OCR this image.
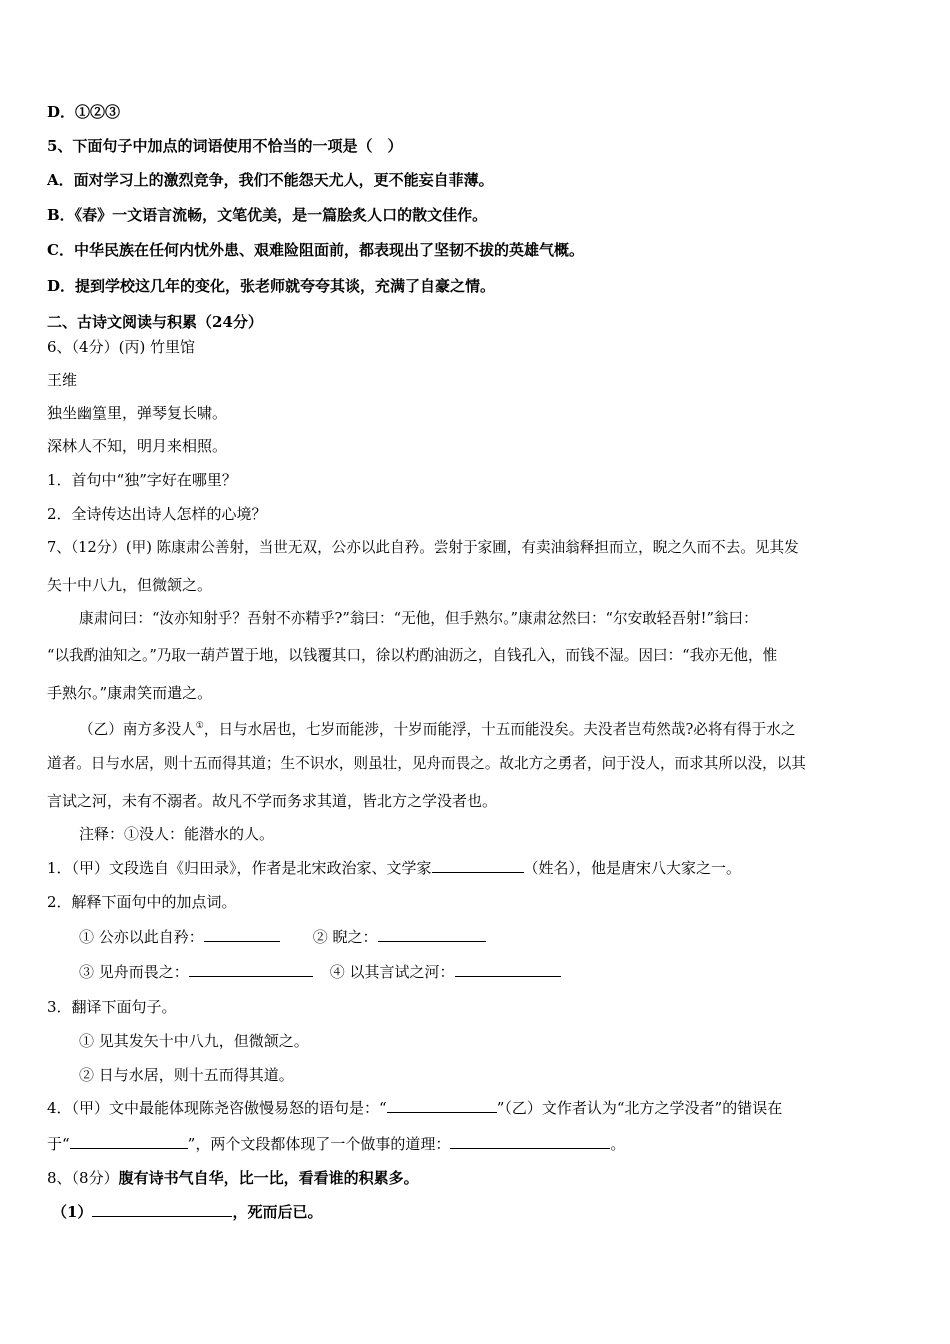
D．①②③
5、下面句子中加点的词语使用不恰当的一项是（　）
A．面对学习上的激烈竞争，我们不能怨天尤人，更不能妄自菲薄。
B．《春》一文语言流畅，文笔优美，是一篇脍炙人口的散文佳作。
C．中华民族在任何内忧外患、艰难险阻面前，都表现出了坚韧不拔的英雄气概。
D．提到学校这几年的变化，张老师就夸夸其谈，充满了自豪之情。
二、古诗文阅读与积累（24分）
6、（4分）(丙) 竹里馆
王维
独坐幽篁里，弹琴复长啸。
深林人不知，明月来相照。
1．首句中“独”字好在哪里？
2．全诗传达出诗人怎样的心境？
7、（12分）(甲) 陈康肃公善射，当世无双，公亦以此自矜。尝射于家圃，有卖油翁释担而立，睨之久而不去。见其发
矢十中八九，但微颔之。
康肃问曰：“汝亦知射乎？吾射不亦精乎?”翁曰：“无他，但手熟尔。”康肃忿然曰：“尔安敢轻吾射!”翁曰：
“以我酌油知之。”乃取一葫芦置于地，以钱覆其口，徐以杓酌油沥之，自钱孔入，而钱不湿。因曰：“我亦无他，惟
手熟尔。”康肃笑而遣之。
（乙）南方多没人①，日与水居也，七岁而能涉，十岁而能浮，十五而能没矣。夫没者岂苟然哉?必将有得于水之
道者。日与水居，则十五而得其道；生不识水，则虽壮，见舟而畏之。故北方之勇者，问于没人，而求其所以没，以其
言试之河，未有不溺者。故凡不学而务求其道，皆北方之学没者也。
注释：①没人：能潜水的人。
1．（甲）文段选自《归田录》，作者是北宋政治家、文学家	（姓名），他是唐宋八大家之一。
2．解释下面句中的加点词。
① 公亦以此自矜：	② 睨之：
③ 见舟而畏之：	④ 以其言试之河：
3．翻译下面句子。
① 见其发矢十中八九，但微颔之。
② 日与水居，则十五而得其道。
4．（甲）文中最能体现陈尧咨傲慢易怒的语句是：“	”（乙）文作者认为“北方之学没者”的错误在
于“	”，两个文段都体现了一个做事的道理：	。
8、（8分）腹有诗书气自华，比一比，看看谁的积累多。
（1）	，死而后已。
